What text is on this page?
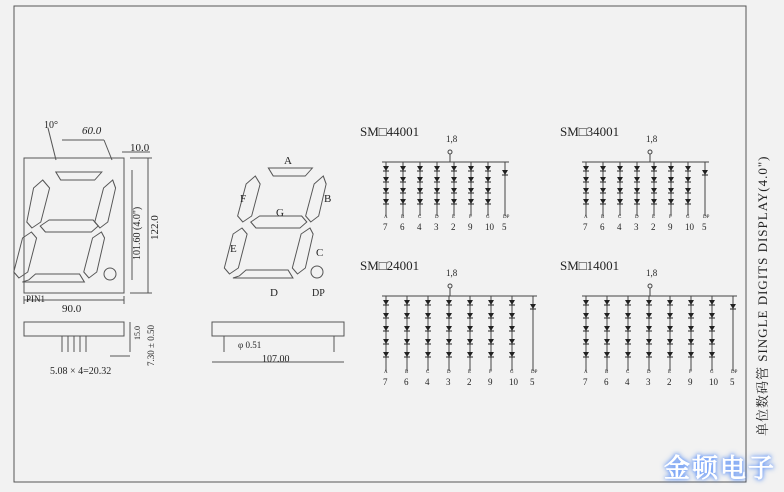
单位数码管 SINGLE DIGITS DISPLAY(4.0")
10° 60.0
10.0
101.60 (4.0") 122.0
90.0
PIN1
5.08 × 4=20.32
15.0 7.30 ± 0.50
A
B
C
D
E
F
G
DP
φ 0.51
107.00
SM□44001	1,8
A
7
B
6
C
4
D
3
E
2
F
9
G
10
DP
5
SM□34001	1,8
A
7
B
6
C
4
D
3
E
2
F
9
G
10
DP
5
SM□24001	1,8
A
7
B
6
C
4
D
3
E
2
F
9
G
10
DP
5
SM□14001	1,8
A
7
B
6
C
4
D
3
E
2
F
9
G
10
DP
5
金顿电子
